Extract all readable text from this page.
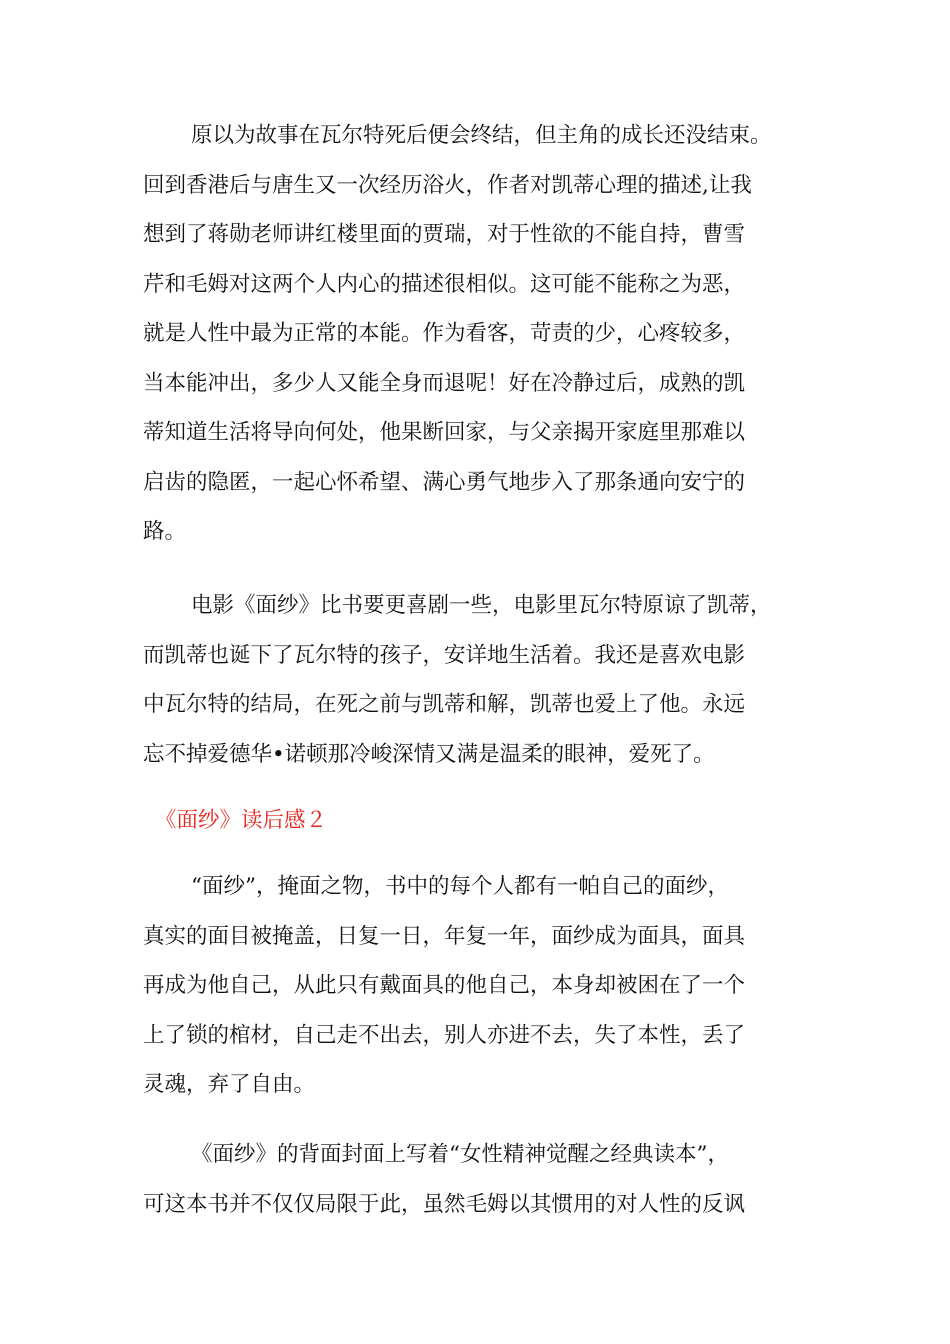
原以为故事在瓦尔特死后便会终结，但主角的成长还没结束。
回到香港后与唐生又一次经历浴火，作者对凯蒂心理的描述,让我
想到了蒋勋老师讲红楼里面的贾瑞，对于性欲的不能自持，曹雪
芹和毛姆对这两个人内心的描述很相似。这可能不能称之为恶，
就是人性中最为正常的本能。作为看客，苛责的少，心疼较多，
当本能冲出，多少人又能全身而退呢！好在冷静过后，成熟的凯
蒂知道生活将导向何处，他果断回家，与父亲揭开家庭里那难以
启齿的隐匿，一起心怀希望、满心勇气地步入了那条通向安宁的
路。
电影《面纱》比书要更喜剧一些，电影里瓦尔特原谅了凯蒂，
而凯蒂也诞下了瓦尔特的孩子，安详地生活着。我还是喜欢电影
中瓦尔特的结局，在死之前与凯蒂和解，凯蒂也爱上了他。永远
忘不掉爱德华•诺顿那冷峻深情又满是温柔的眼神，爱死了。
《面纱》读后感２
“面纱”，掩面之物，书中的每个人都有一帕自己的面纱，
真实的面目被掩盖，日复一日，年复一年，面纱成为面具，面具
再成为他自己，从此只有戴面具的他自己，本身却被困在了一个
上了锁的棺材，自己走不出去，别人亦进不去，失了本性，丢了
灵魂，弃了自由。
《面纱》的背面封面上写着“女性精神觉醒之经典读本”，
可这本书并不仅仅局限于此，虽然毛姆以其惯用的对人性的反讽
